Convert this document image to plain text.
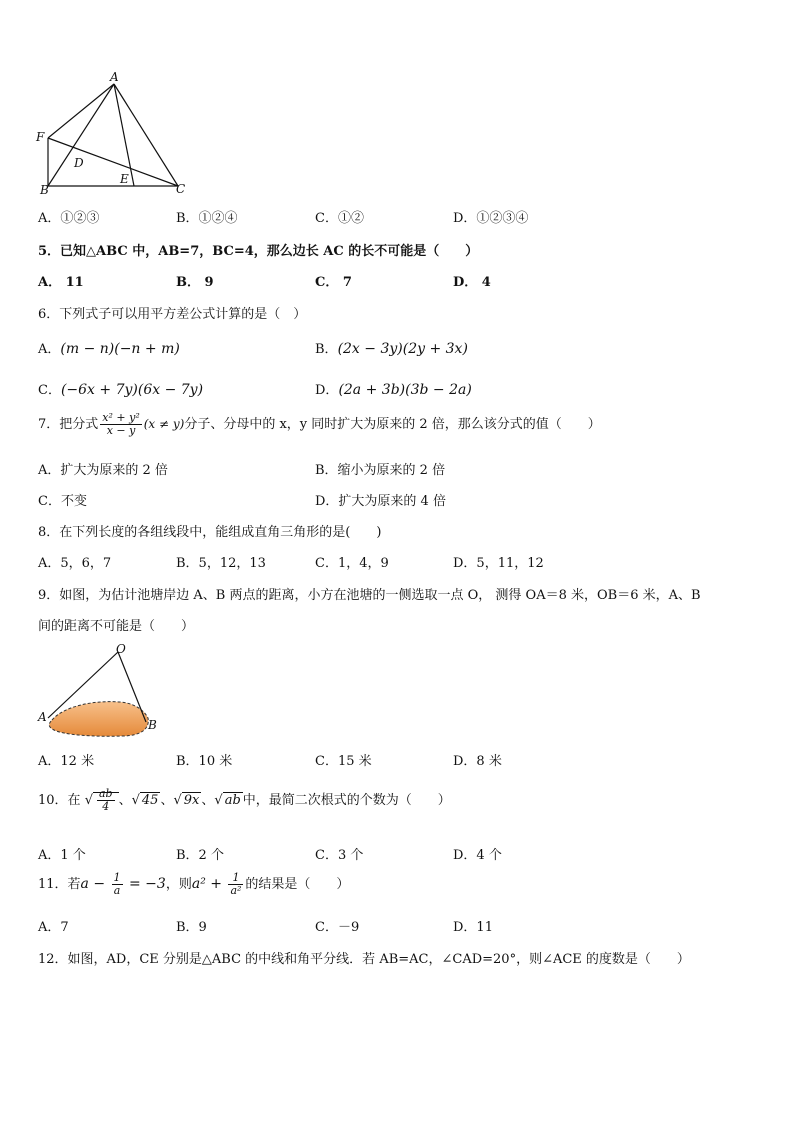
A
F
D
B
E
C
A．①②③	B．①②④	C．①②	D．①②③④
5．已知△ABC 中，AB=7，BC=4，那么边长 AC 的长不可能是（　　）
A． 11	B． 9	C． 7	D． 4
6．下列式子可以用平方差公式计算的是（　）
A．(m − n)(−n + m)	B．(2x − 3y)(2y + 3x)
C．(−6x + 7y)(6x − 7y)	D．(2a + 3b)(3b − 2a)
7．把分式 $\frac{\text{x² + y²}}{x - y} (x \ne y)$分子、分母中的 x，y 同时扩大为原来的 2 倍，那么该分式的值（　　）
A．扩大为原来的 2 倍	B．缩小为原来的 2 倍
C．不变	D．扩大为原来的 4 倍
8．在下列长度的各组线段中，能组成直角三角形的是(　　)
A．5，6，7	B．5，12，13	C．1，4，9	D．5，11，12
9．如图，为估计池塘岸边 A、B 两点的距离，小方在池塘的一侧选取一点 O， 测得 OA＝8 米，OB＝6 米，A、B
间的距离不可能是（　　）
O
A
B
A．12 米	B．10 米	C．15 米	D．8 米
10．在 √ $\frac{ab}{4}$ 、√ 45 、√ 9x 、√ ab 中，最简二次根式的个数为（　　）
A．1 个	B．2 个	C．3 个	D．4 个
11．若$a - \frac{1}{a} = -3$，则$a^2 + \frac{1}{\text{a²}}$ 的结果是（　　）
A．7	B．9	C．－9	D．11
12．如图，AD，CE 分别是△ABC 的中线和角平分线．若 AB=AC，∠CAD=20°，则∠ACE 的度数是（　　）
